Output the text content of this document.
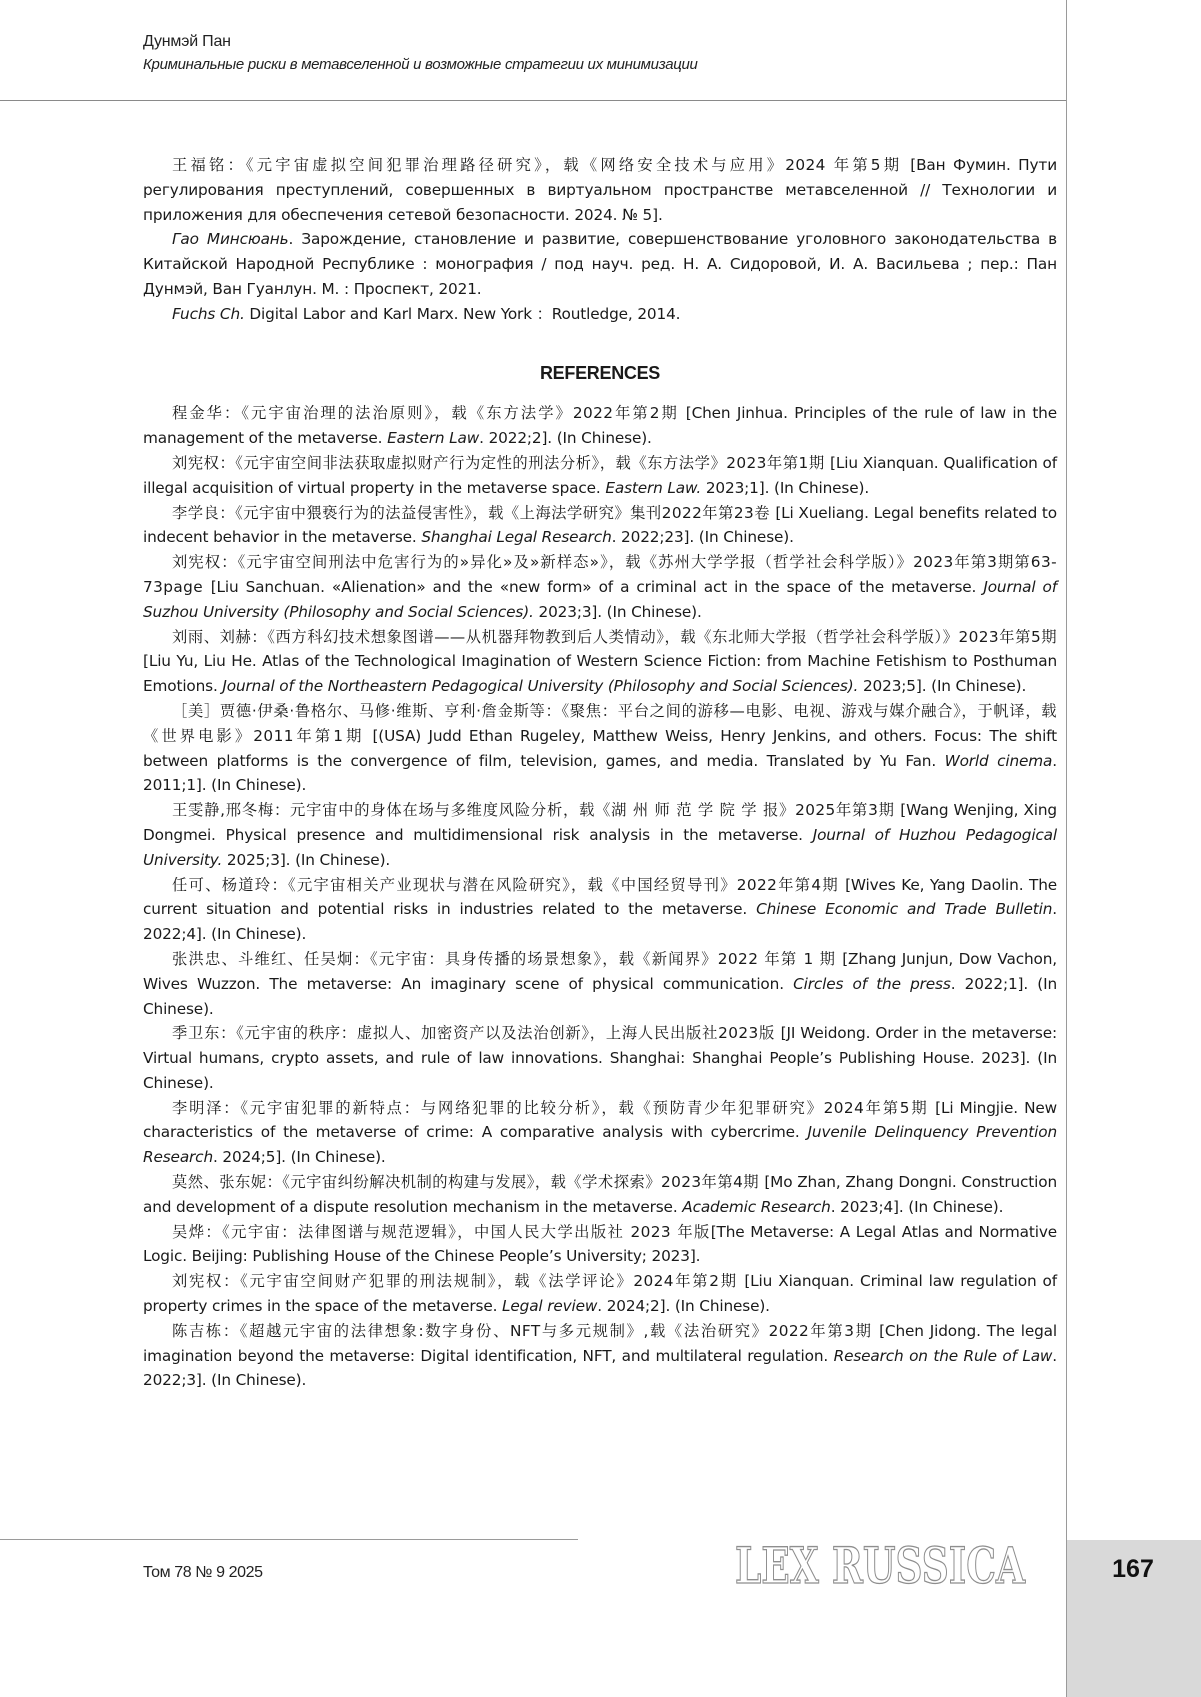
Дунмэй Пан
Криминальные риски в метавселенной и возможные стратегии их минимизации

王福铭：《元宇宙虚拟空间犯罪治理路径研究》，载《网络安全技术与应用》2024 年第5期 [Ван Фумин. Пути регулирования преступлений, совершенных в виртуальном пространстве метавселенной // Технологии и приложения для обеспечения сетевой безопасности. 2024. № 5].

Гао Минсюань. Зарождение, становление и развитие, совершенствование уголовного законодательства в Китайской Народной Республике : монография / под науч. ред. Н. А. Сидоровой, И. А. Васильева ; пер.: Пан Дунмэй, Ван Гуанлун. М. : Проспект, 2021.

Fuchs Ch. Digital Labor and Karl Marx. New York ：Routledge, 2014.

REFERENCES

程金华：《元宇宙治理的法治原则》，载《东方法学》2022年第2期 [Chen Jinhua. Principles of the rule of law in the management of the metaverse. Eastern Law. 2022;2]. (In Chinese).

刘宪权：《元宇宙空间非法获取虚拟财产行为定性的刑法分析》，载《东方法学》2023年第1期 [Liu Xianquan. Qualification of illegal acquisition of virtual property in the metaverse space. Eastern Law. 2023;1]. (In Chinese).

李学良：《元宇宙中猥亵行为的法益侵害性》，载《上海法学研究》集刊2022年第23卷 [Li Xueliang. Legal benefits related to indecent behavior in the metaverse. Shanghai Legal Research. 2022;23]. (In Chinese).

刘宪权：《元宇宙空间刑法中危害行为的»异化»及»新样态»》，载《苏州大学学报（哲学社会科学版）》2023年第3期第63-73page [Liu Sanchuan. «Alienation» and the «new form» of a criminal act in the space of the metaverse. Journal of Suzhou University (Philosophy and Social Sciences). 2023;3]. (In Chinese).

刘雨、刘赫：《西方科幻技术想象图谱——从机器拜物教到后人类情动》，载《东北师大学报（哲学社会科学版）》2023年第5期 [Liu Yu, Liu He. Atlas of the Technological Imagination of Western Science Fiction: from Machine Fetishism to Posthuman Emotions. Journal of the Northeastern Pedagogical University (Philosophy and Social Sciences). 2023;5]. (In Chinese).

［美］贾德·伊桑·鲁格尔、马修·维斯、亨利·詹金斯等：《聚焦：平台之间的游移—电影、电视、游戏与媒介融合》，于帆译，载《世界电影》2011年第1期 [(USA) Judd Ethan Rugeley, Matthew Weiss, Henry Jenkins, and others. Focus: The shift between platforms is the convergence of film, television, games, and media. Translated by Yu Fan. World cinema. 2011;1]. (In Chinese).

王雯静,邢冬梅：元宇宙中的身体在场与多维度风险分析，载《湖 州 师 范 学 院 学 报》2025年第3期 [Wang Wenjing, Xing Dongmei. Physical presence and multidimensional risk analysis in the metaverse. Journal of Huzhou Pedagogical University. 2025;3]. (In Chinese).

任可、杨道玲：《元宇宙相关产业现状与潜在风险研究》，载《中国经贸导刊》2022年第4期 [Wives Ke, Yang Daolin. The current situation and potential risks in industries related to the metaverse. Chinese Economic and Trade Bulletin. 2022;4]. (In Chinese).

张洪忠、斗维红、任吴炯：《元宇宙：具身传播的场景想象》，载《新闻界》2022 年第 1 期 [Zhang Junjun, Dow Vachon, Wives Wuzzon. The metaverse: An imaginary scene of physical communication. Circles of the press. 2022;1]. (In Chinese).

季卫东：《元宇宙的秩序：虚拟人、加密资产以及法治创新》，上海人民出版社2023版 [JI Weidong. Order in the metaverse: Virtual humans, crypto assets, and rule of law innovations. Shanghai: Shanghai People’s Publishing House. 2023]. (In Chinese).

李明泽：《元宇宙犯罪的新特点：与网络犯罪的比较分析》，载《预防青少年犯罪研究》2024年第5期 [Li Mingjie. New characteristics of the metaverse of crime: A comparative analysis with cybercrime. Juvenile Delinquency Prevention Research. 2024;5]. (In Chinese).

莫然、张东妮：《元宇宙纠纷解决机制的构建与发展》，载《学术探索》2023年第4期 [Mo Zhan, Zhang Dongni. Construction and development of a dispute resolution mechanism in the metaverse. Academic Research. 2023;4]. (In Chinese).

吴烨：《元宇宙：法律图谱与规范逻辑》，中国人民大学出版社 2023 年版[The Metaverse: A Legal Atlas and Normative Logic. Beijing: Publishing House of the Chinese People’s University; 2023].

刘宪权：《元宇宙空间财产犯罪的刑法规制》，载《法学评论》2024年第2期 [Liu Xianquan. Criminal law regulation of property crimes in the space of the metaverse. Legal review. 2024;2]. (In Chinese).

陈吉栋：《超越元宇宙的法律想象:数字身份、NFT与多元规制》,载《法治研究》2022年第3期 [Chen Jidong. The legal imagination beyond the metaverse: Digital identification, NFT, and multilateral regulation. Research on the Rule of Law. 2022;3]. (In Chinese).

Том 78 № 9 2025	LEX RUSSICA	167
